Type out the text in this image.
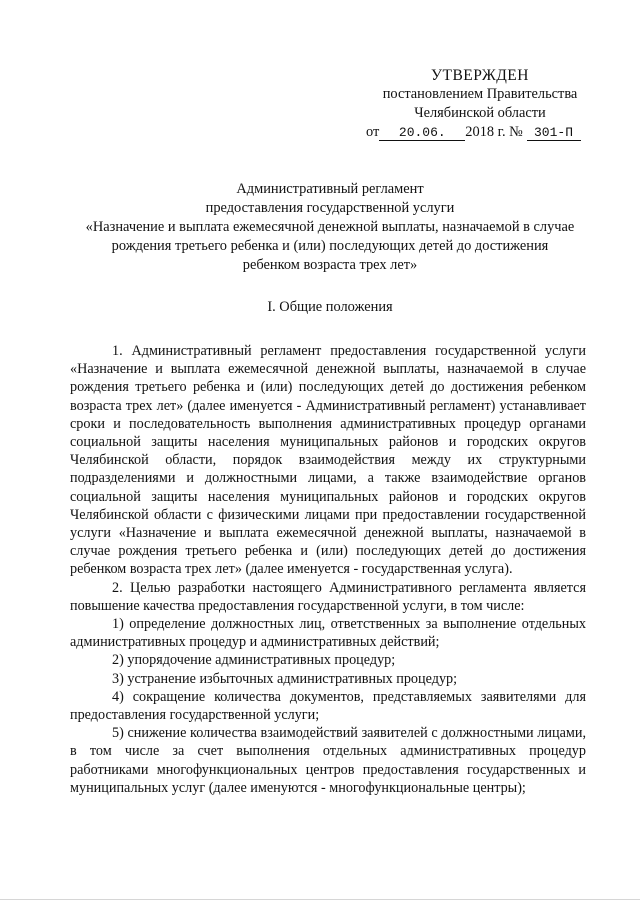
УТВЕРЖДЕН
постановлением Правительства
Челябинской области
от 20.06. 2018 г. № 301-П
Административный регламент
предоставления государственной услуги
«Назначение и выплата ежемесячной денежной выплаты, назначаемой в случае
рождения третьего ребенка и (или) последующих детей до достижения
ребенком возраста трех лет»
I. Общие положения

1. Административный регламент предоставления государственной услуги «Назначение и выплата ежемесячной денежной выплаты, назначаемой в случае рождения третьего ребенка и (или) последующих детей до достижения ребенком возраста трех лет» (далее именуется - Административный регламент) устанавливает сроки и последовательность выполнения административных процедур органами социальной защиты населения муниципальных районов и городских округов Челябинской области, порядок взаимодействия между их структурными подразделениями и должностными лицами, а также взаимодействие органов социальной защиты населения муниципальных районов и городских округов Челябинской области с физическими лицами при предоставлении государственной услуги «Назначение и выплата ежемесячной денежной выплаты, назначаемой в случае рождения третьего ребенка и (или) последующих детей до достижения ребенком возраста трех лет» (далее именуется - государственная услуга).

2. Целью разработки настоящего Административного регламента является повышение качества предоставления государственной услуги, в том числе:

1) определение должностных лиц, ответственных за выполнение отдельных административных процедур и административных действий;

2) упорядочение административных процедур;

3) устранение избыточных административных процедур;

4) сокращение количества документов, представляемых заявителями для предоставления государственной услуги;

5) снижение количества взаимодействий заявителей с должностными лицами, в том числе за счет выполнения отдельных административных процедур работниками многофункциональных центров предоставления государственных и муниципальных услуг (далее именуются - многофункциональные центры);
